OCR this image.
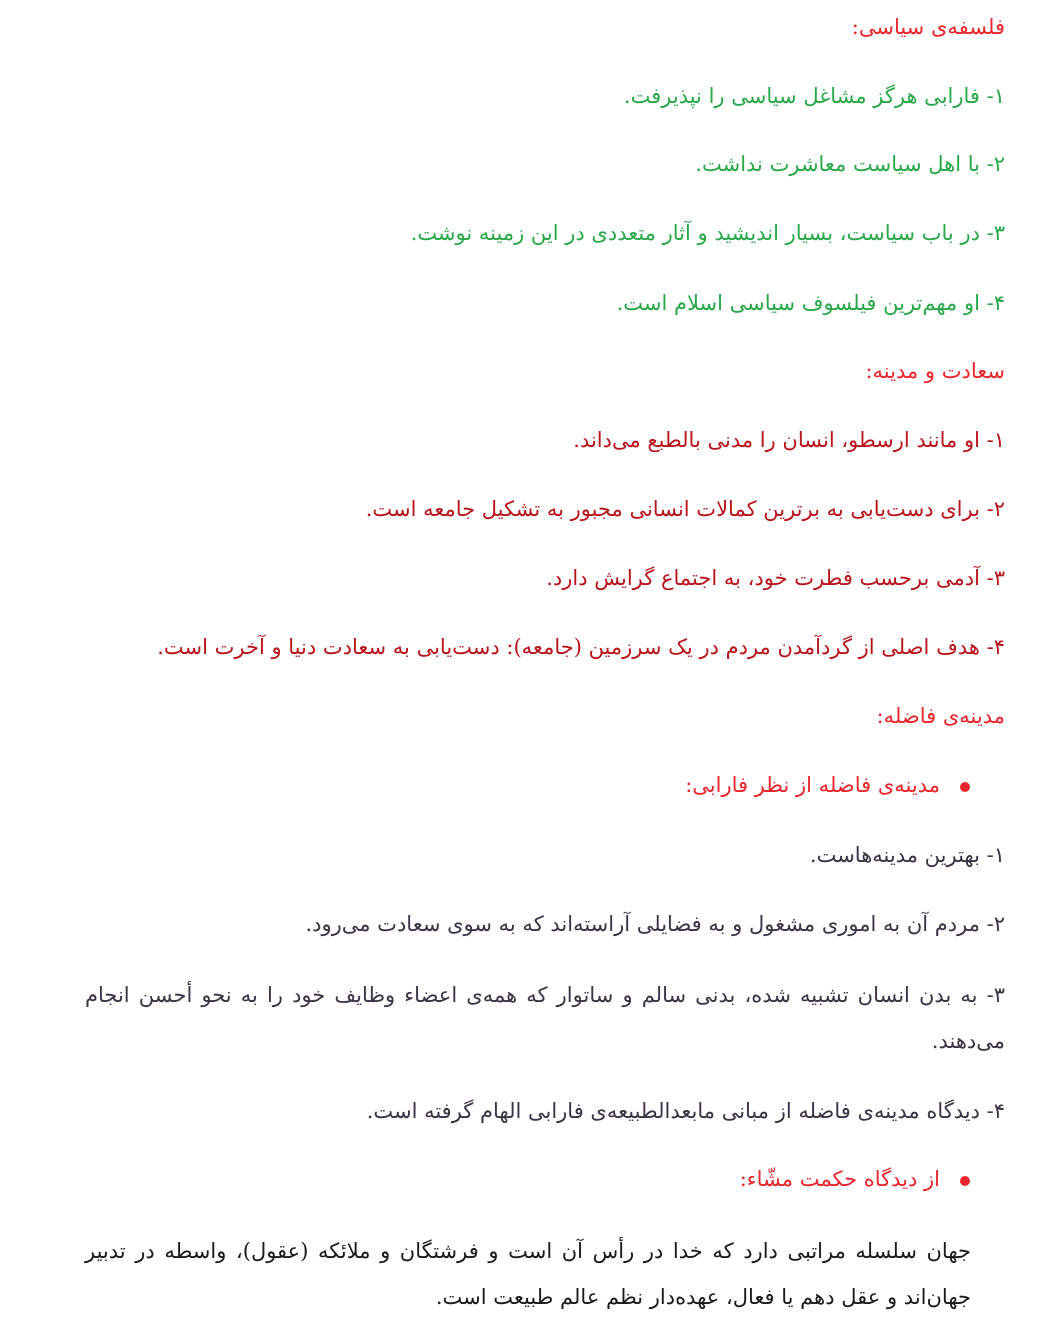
فلسفه‌ی سیاسی:
۱- فارابی هرگز مشاغل سیاسی را نپذیرفت.
۲- با اهل سیاست معاشرت نداشت.
۳- در باب سیاست، بسیار اندیشید و آثار متعددی در این زمینه نوشت.
۴- او مهم‌ترین فیلسوف سیاسی اسلام است.
سعادت و مدینه:
۱- او مانند ارسطو، انسان را مدنی بالطبع می‌داند.
۲- برای دست‌یابی به برترین کمالات انسانی مجبور به تشکیل جامعه است.
۳- آدمی برحسب فطرت خود، به اجتماع گرایش دارد.
۴- هدف اصلی از گردآمدن مردم در یک سرزمین (جامعه): دست‌یابی به سعادت دنیا و آخرت است.
مدینه‌ی فاضله:
مدینه‌ی فاضله از نظر فارابی:
۱- بهترین مدینه‌هاست.
۲- مردم آن به اموری مشغول و به فضایلی آراسته‌اند که به سوی سعادت می‌رود.
۳- به بدن انسان تشبیه شده، بدنی سالم و ساتوار که همه‌ی اعضاء وظایف خود را به نحو أحسن انجام می‌دهند.
۴- دیدگاه مدینه‌ی فاضله از مبانی مابعدالطبیعه‌ی فارابی الهام گرفته است.
از دیدگاه حکمت مشّاء:
جهان سلسله مراتبی دارد که خدا در رأس آن است و فرشتگان و ملائکه (عقول)، واسطه در تدبیر جهان‌اند و عقل دهم یا فعال، عهده‌دار نظم عالم طبیعت است.
